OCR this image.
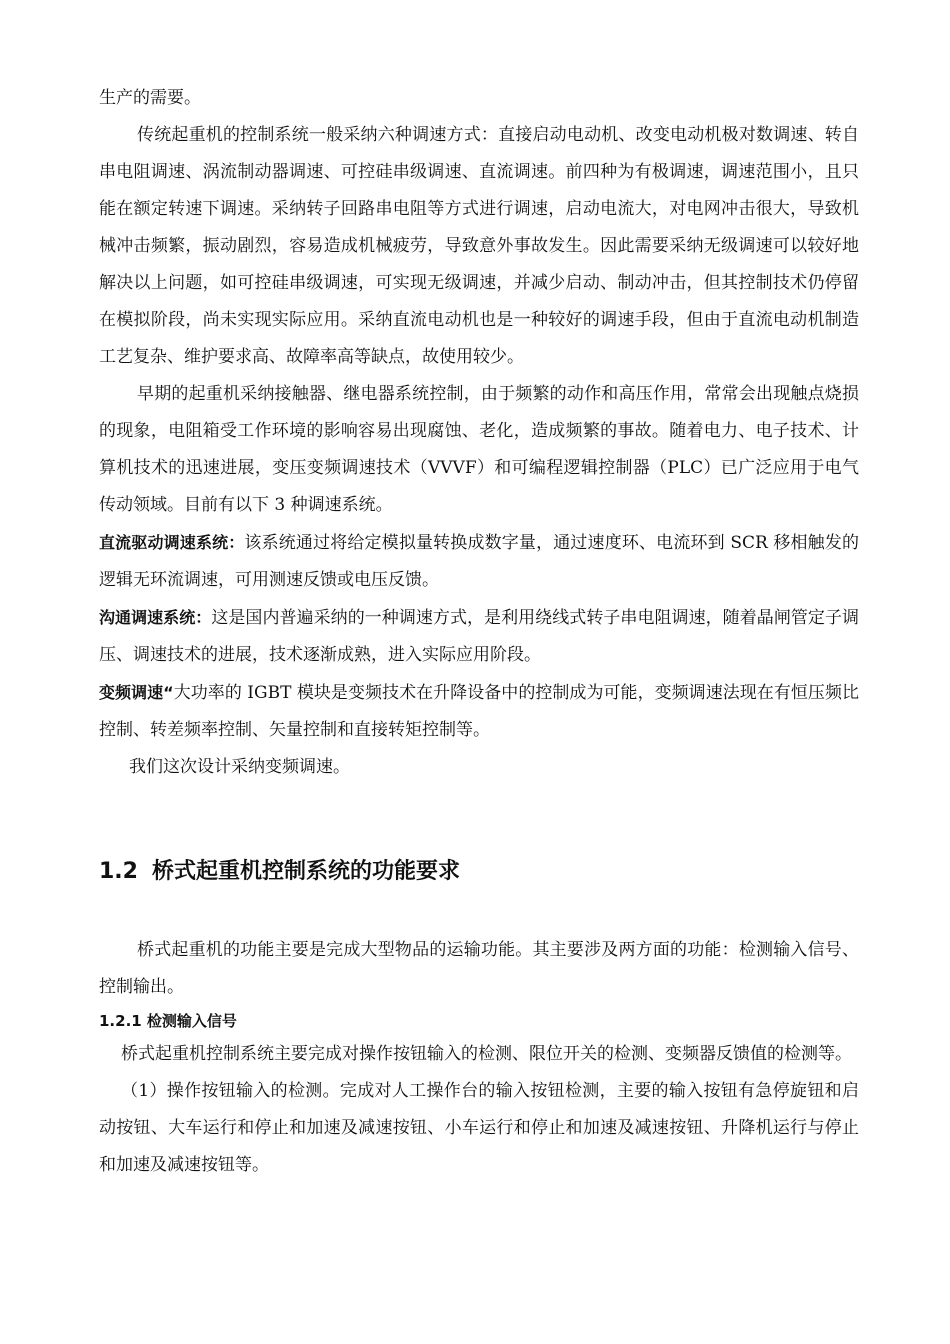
生产的需要。

传统起重机的控制系统一般采纳六种调速方式：直接启动电动机、改变电动机极对数调速、转自串电阻调速、涡流制动器调速、可控硅串级调速、直流调速。前四种为有极调速，调速范围小，且只能在额定转速下调速。采纳转子回路串电阻等方式进行调速，启动电流大，对电网冲击很大，导致机械冲击频繁，振动剧烈，容易造成机械疲劳，导致意外事故发生。因此需要采纳无级调速可以较好地解决以上问题，如可控硅串级调速，可实现无级调速，并减少启动、制动冲击，但其控制技术仍停留在模拟阶段，尚未实现实际应用。采纳直流电动机也是一种较好的调速手段，但由于直流电动机制造工艺复杂、维护要求高、故障率高等缺点，故使用较少。

早期的起重机采纳接触器、继电器系统控制，由于频繁的动作和高压作用，常常会出现触点烧损的现象，电阻箱受工作环境的影响容易出现腐蚀、老化，造成频繁的事故。随着电力、电子技术、计算机技术的迅速进展，变压变频调速技术（VVVF）和可编程逻辑控制器（PLC）已广泛应用于电气传动领域。目前有以下 3 种调速系统。

直流驱动调速系统：该系统通过将给定模拟量转换成数字量，通过速度环、电流环到 SCR 移相触发的逻辑无环流调速，可用测速反馈或电压反馈。

沟通调速系统：这是国内普遍采纳的一种调速方式，是利用绕线式转子串电阻调速，随着晶闸管定子调压、调速技术的进展，技术逐渐成熟，进入实际应用阶段。

变频调速“大功率的 IGBT 模块是变频技术在升降设备中的控制成为可能，变频调速法现在有恒压频比控制、转差频率控制、矢量控制和直接转矩控制等。

我们这次设计采纳变频调速。

1.2 桥式起重机控制系统的功能要求

桥式起重机的功能主要是完成大型物品的运输功能。其主要涉及两方面的功能：检测输入信号、控制输出。

1.2.1 检测输入信号

桥式起重机控制系统主要完成对操作按钮输入的检测、限位开关的检测、变频器反馈值的检测等。

（1）操作按钮输入的检测。完成对人工操作台的输入按钮检测，主要的输入按钮有急停旋钮和启动按钮、大车运行和停止和加速及减速按钮、小车运行和停止和加速及减速按钮、升降机运行与停止和加速及减速按钮等。
